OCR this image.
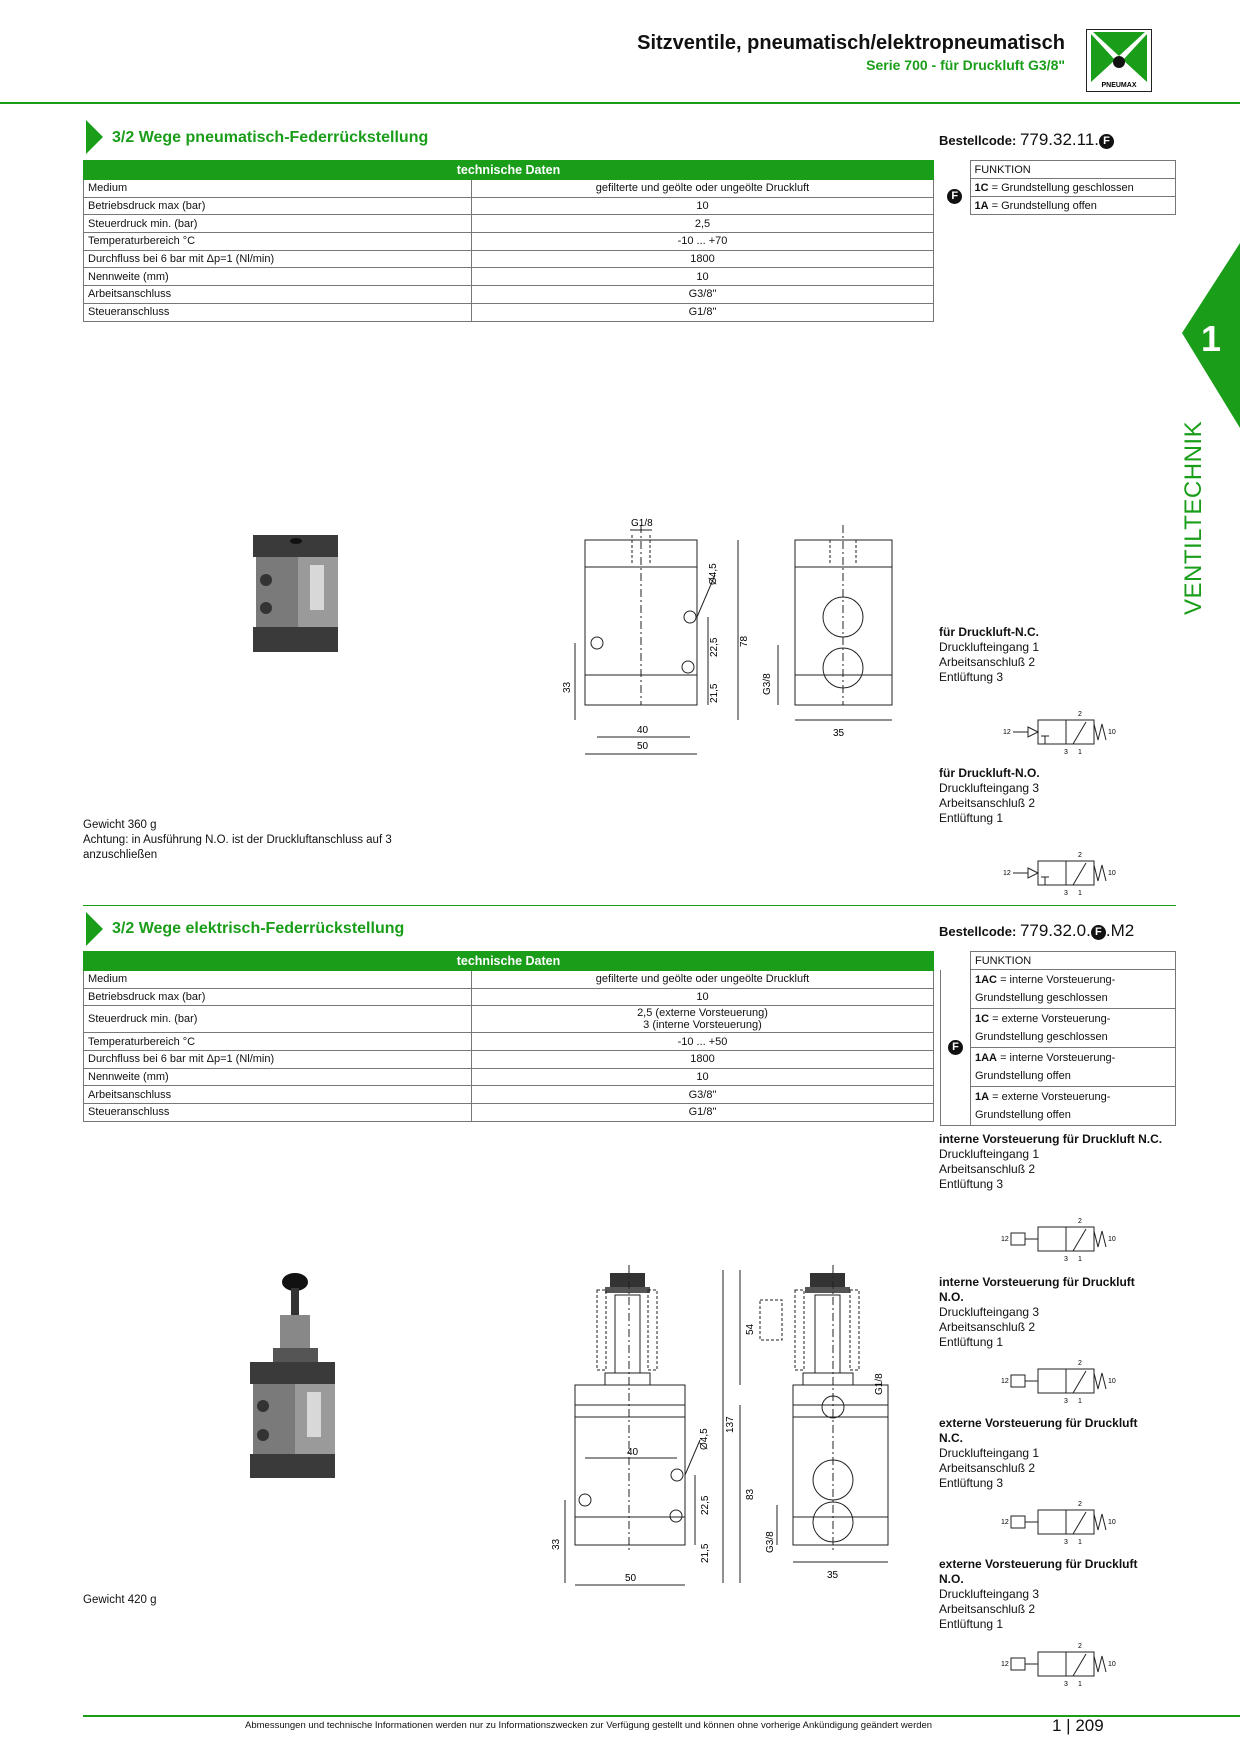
Sitzventile, pneumatisch/elektropneumatisch
Serie 700 - für Druckluft G3/8"
PNEUMAX
1
VENTILTECHNIK
3/2 Wege pneumatisch-Federrückstellung	Bestellcode: 779.32.11. F
technische Daten	
Medium	gefilterte und geölte oder ungeölte Druckluft
Betriebsdruck max (bar)	10
Steuerdruck min. (bar)	2,5
Temperaturbereich °C	-10 ... +70
Durchfluss bei 6 bar mit Δp=1 (Nl/min)	1800
Nennweite (mm)	10
Arbeitsanschluss	G3/8"
Steueranschluss	G1/8"
	FUNKTION
F	1C = Grundstellung geschlossen
	1A = Grundstellung offen
G1/8
Ø4,5
22,5
21,5
78
33
40
50
G3/8
35
für Druckluft-N.C.
Drucklufteingang 1
Arbeitsanschluß 2
Entlüftung 3
für Druckluft-N.O.
Drucklufteingang 3
Arbeitsanschluß 2
Entlüftung 1
Gewicht 360 g
Achtung: in Ausführung N.O. ist der Druckluftanschluss auf 3
anzuschließen
3/2 Wege elektrisch-Federrückstellung	Bestellcode: 779.32.0. F .M2
technische Daten	
Medium	gefilterte und geölte oder ungeölte Druckluft
Betriebsdruck max (bar)	10
Steuerdruck min. (bar)	2,5 (externe Vorsteuerung)
3 (interne Vorsteuerung)
Temperaturbereich °C	-10 ... +50
Durchfluss bei 6 bar mit Δp=1 (Nl/min)	1800
Nennweite (mm)	10
Arbeitsanschluss	G3/8"
Steueranschluss	G1/8"
	FUNKTION
F	1AC = interne Vorsteuerung-
Grundstellung geschlossen
	1C = externe Vorsteuerung-
Grundstellung geschlossen
	1AA = interne Vorsteuerung-
Grundstellung offen
	1A = externe Vorsteuerung-
Grundstellung offen
40
Ø4,5
22,5
21,5
33
50
137
54
83
G1/8
G3/8
35
interne Vorsteuerung für Druckluft N.C.
Drucklufteingang 1
Arbeitsanschluß 2
Entlüftung 3
interne Vorsteuerung für Druckluft
N.O.
Drucklufteingang 3
Arbeitsanschluß 2
Entlüftung 1
externe Vorsteuerung für Druckluft
N.C.
Drucklufteingang 1
Arbeitsanschluß 2
Entlüftung 3
externe Vorsteuerung für Druckluft
N.O.
Drucklufteingang 3
Arbeitsanschluß 2
Entlüftung 1
Gewicht 420 g
12	10
2
3 1
12	10
2
3 1
12	10
2
3 1
12	10
2
3 1
12	10
2
3 1
12	10
2
3 1
Abmessungen und technische Informationen werden nur zu Informationszwecken zur Verfügung gestellt und können ohne vorherige Ankündigung geändert werden	1 | 209
